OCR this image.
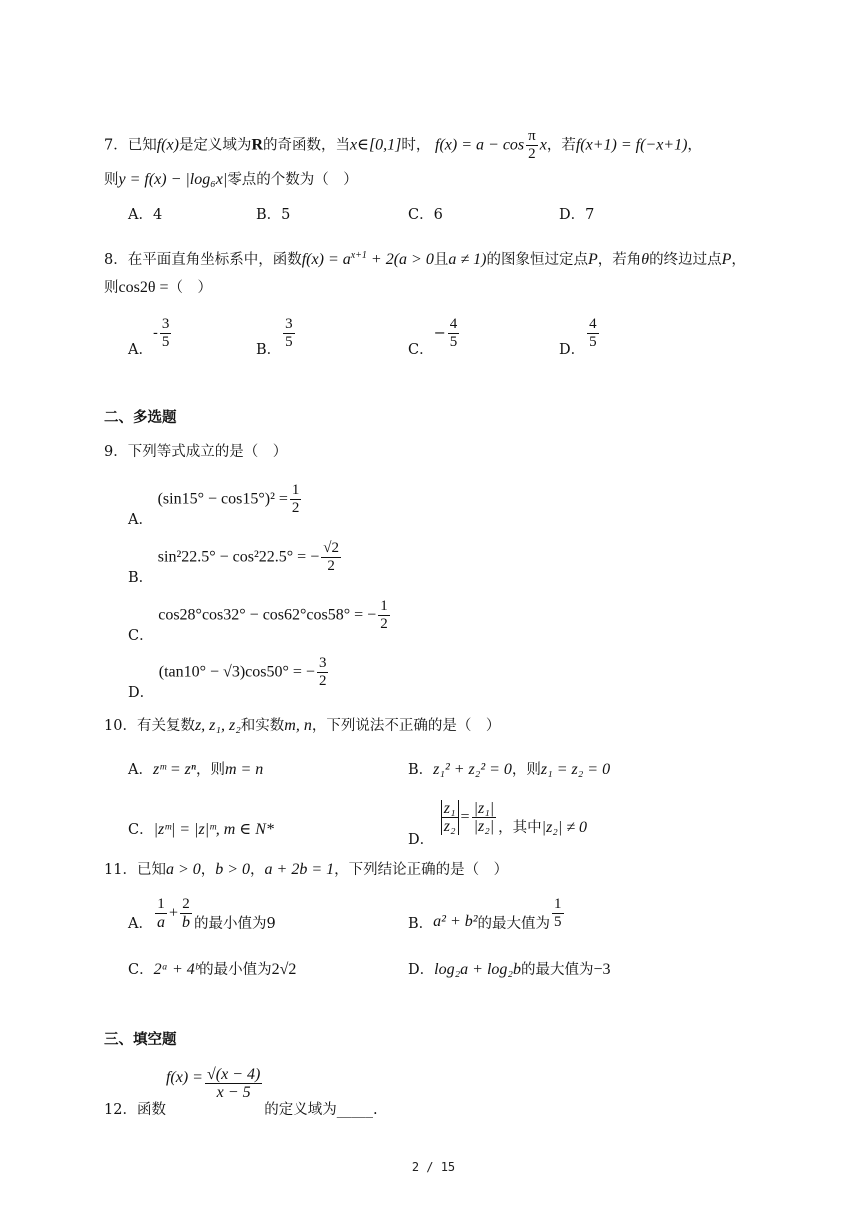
7．已知f(x)是定义域为R的奇函数，当x∈[0,1]时， $f(x) = a - \cos \frac{\pi}{2}$ x，若f(x+1) = f(−x+1)，
则y = f(x) − |log₆x|零点的个数为（　）
A．4	B．5	C．6	D．7
8．在平面直角坐标系中，函数$f(x) = a^{x+1} + 2(a > 0$且a ≠ 1)的图象恒过定点P，若角θ的终边过点P，
则cos2θ =（　）
A．- $\frac{3}{5}$	B． $\frac{3}{5}$	C．− $\frac{4}{5}$	D． $\frac{4}{5}$
二、多选题
9．下列等式成立的是（　）
A． $(\sin 15^\circ - \cos 15^\circ)^2 = \frac{1}{2}$
B． sin²22.5° − cos²22.5° = − $\frac{√2}{2}$
C． cos28°cos32° − cos62°cos58° = − $\frac{1}{2}$
D． (tan10° − √3)cos50° = − $\frac{3}{2}$
10．有关复数z, z₁, z₂和实数m, n，下列说法不正确的是（　）
A．zᵐ = zⁿ，则m = n	B．z₁² + z₂² = 0，则z₁ = z₂ = 0
C．|zᵐ| = |z|ᵐ, m ∈ N*
D．
$\frac{\text{z₁}}{\text{z₂}} = \frac{\text{|z₁|}}{\text{|z₂|}}$ ，其中|z₂| ≠ 0
11．已知a > 0，b > 0，a + 2b = 1，下列结论正确的是（　）
A． $\frac{1}{a} + \frac{2}{b}$ 的最小值为9	B．a² + b²的最大值为 $\frac{1}{5}$
C．2ᵃ + 4ᵇ的最小值为2√2	D．log₂a + log₂b的最大值为−3
三、填空题
12．函数$f(x) = \frac{√(x - 4)}{x - 5}$
的定义域为_____.
2 / 15
